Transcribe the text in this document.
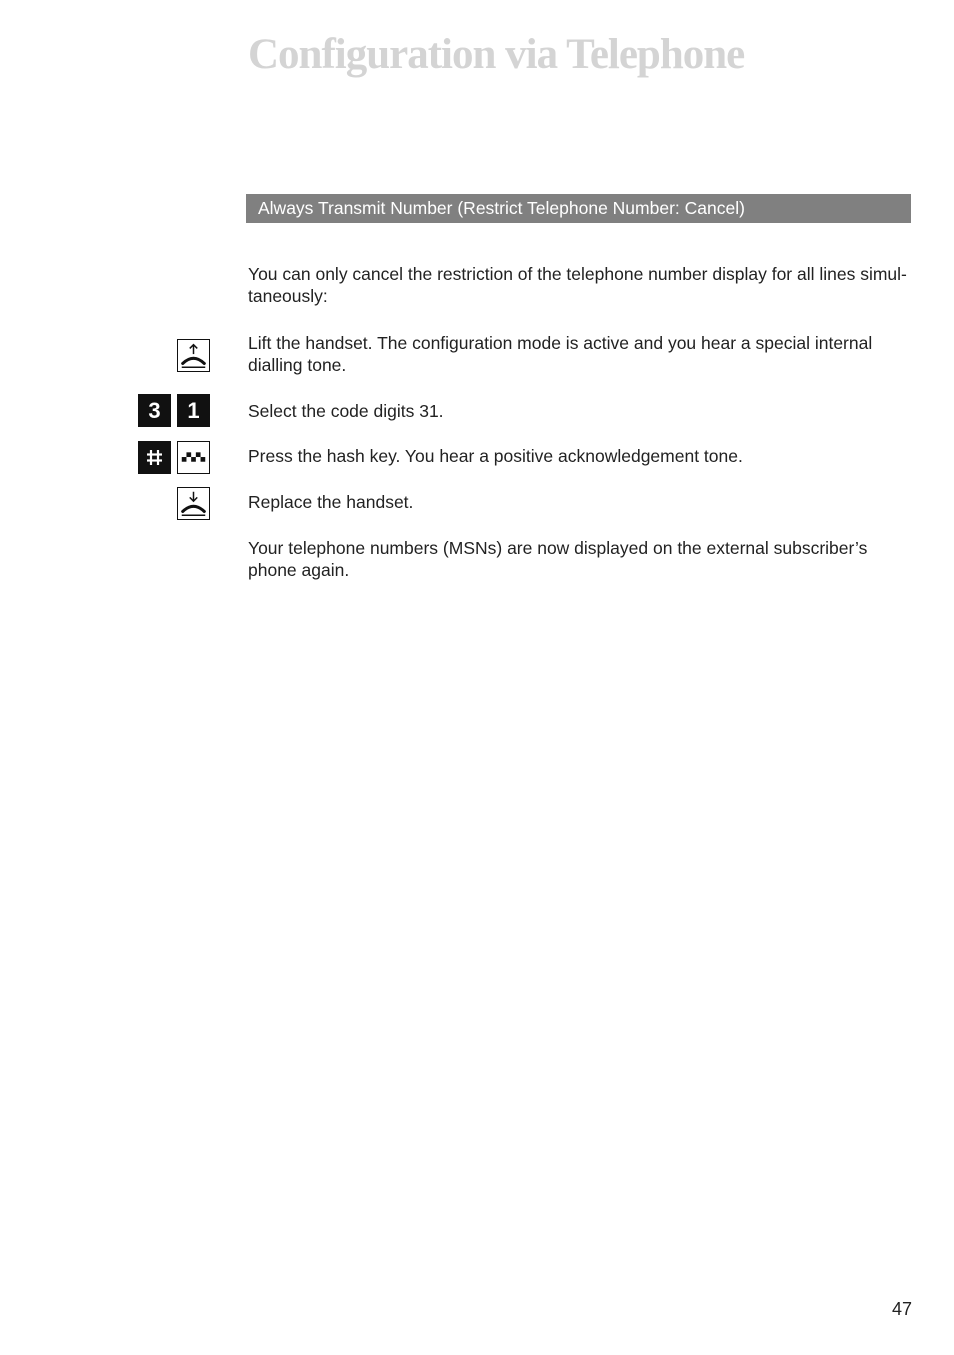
Configuration via Telephone
Always Transmit Number (Restrict Telephone Number: Cancel)

You can only cancel the restriction of the telephone number display for all lines simul-taneously:

Lift the handset. The configuration mode is active and you hear a special internal dialling tone.

3	1	Select the code digits 31.

Press the hash key. You hear a positive acknowledgement tone.

Replace the handset.

Your telephone numbers (MSNs) are now displayed on the external subscriber’s phone again.

47
